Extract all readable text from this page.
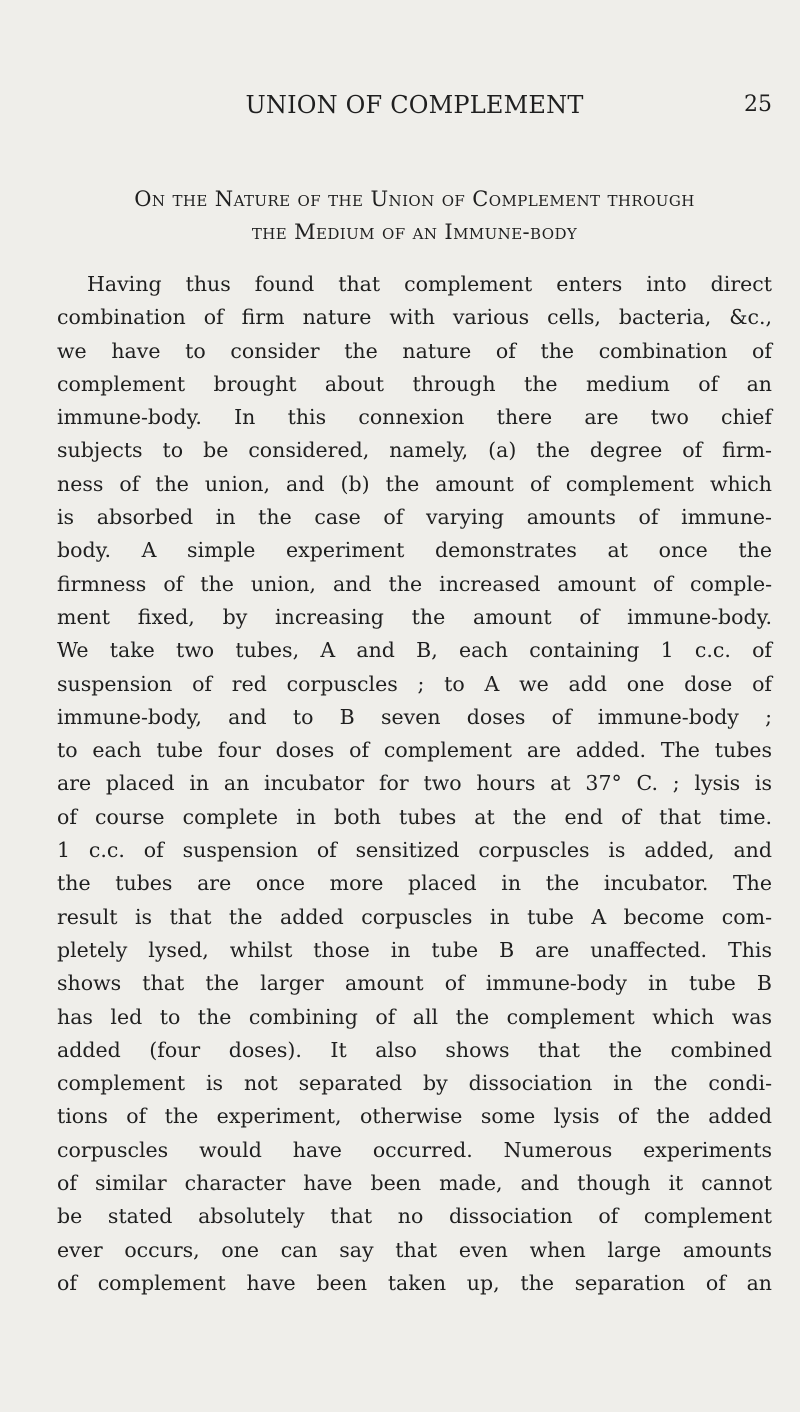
UNION OF COMPLEMENT	25
On the Nature of the Union of Complement through
the Medium of an Immune-body
Having thus found that complement enters into direct
combination of firm nature with various cells, bacteria, &c.,
we have to consider the nature of the combination of
complement brought about through the medium of an
immune-body. In this connexion there are two chief
subjects to be considered, namely, (a) the degree of firm-
ness of the union, and (b) the amount of complement which
is absorbed in the case of varying amounts of immune-
body. A simple experiment demonstrates at once the
firmness of the union, and the increased amount of comple-
ment fixed, by increasing the amount of immune-body.
We take two tubes, A and B, each containing 1 c.c. of
suspension of red corpuscles ; to A we add one dose of
immune-body, and to B seven doses of immune-body ;
to each tube four doses of complement are added. The tubes
are placed in an incubator for two hours at 37° C. ; lysis is
of course complete in both tubes at the end of that time.
1 c.c. of suspension of sensitized corpuscles is added, and
the tubes are once more placed in the incubator. The
result is that the added corpuscles in tube A become com-
pletely lysed, whilst those in tube B are unaffected. This
shows that the larger amount of immune-body in tube B
has led to the combining of all the complement which was
added (four doses). It also shows that the combined
complement is not separated by dissociation in the condi-
tions of the experiment, otherwise some lysis of the added
corpuscles would have occurred. Numerous experiments
of similar character have been made, and though it cannot
be stated absolutely that no dissociation of complement
ever occurs, one can say that even when large amounts
of complement have been taken up, the separation of an
